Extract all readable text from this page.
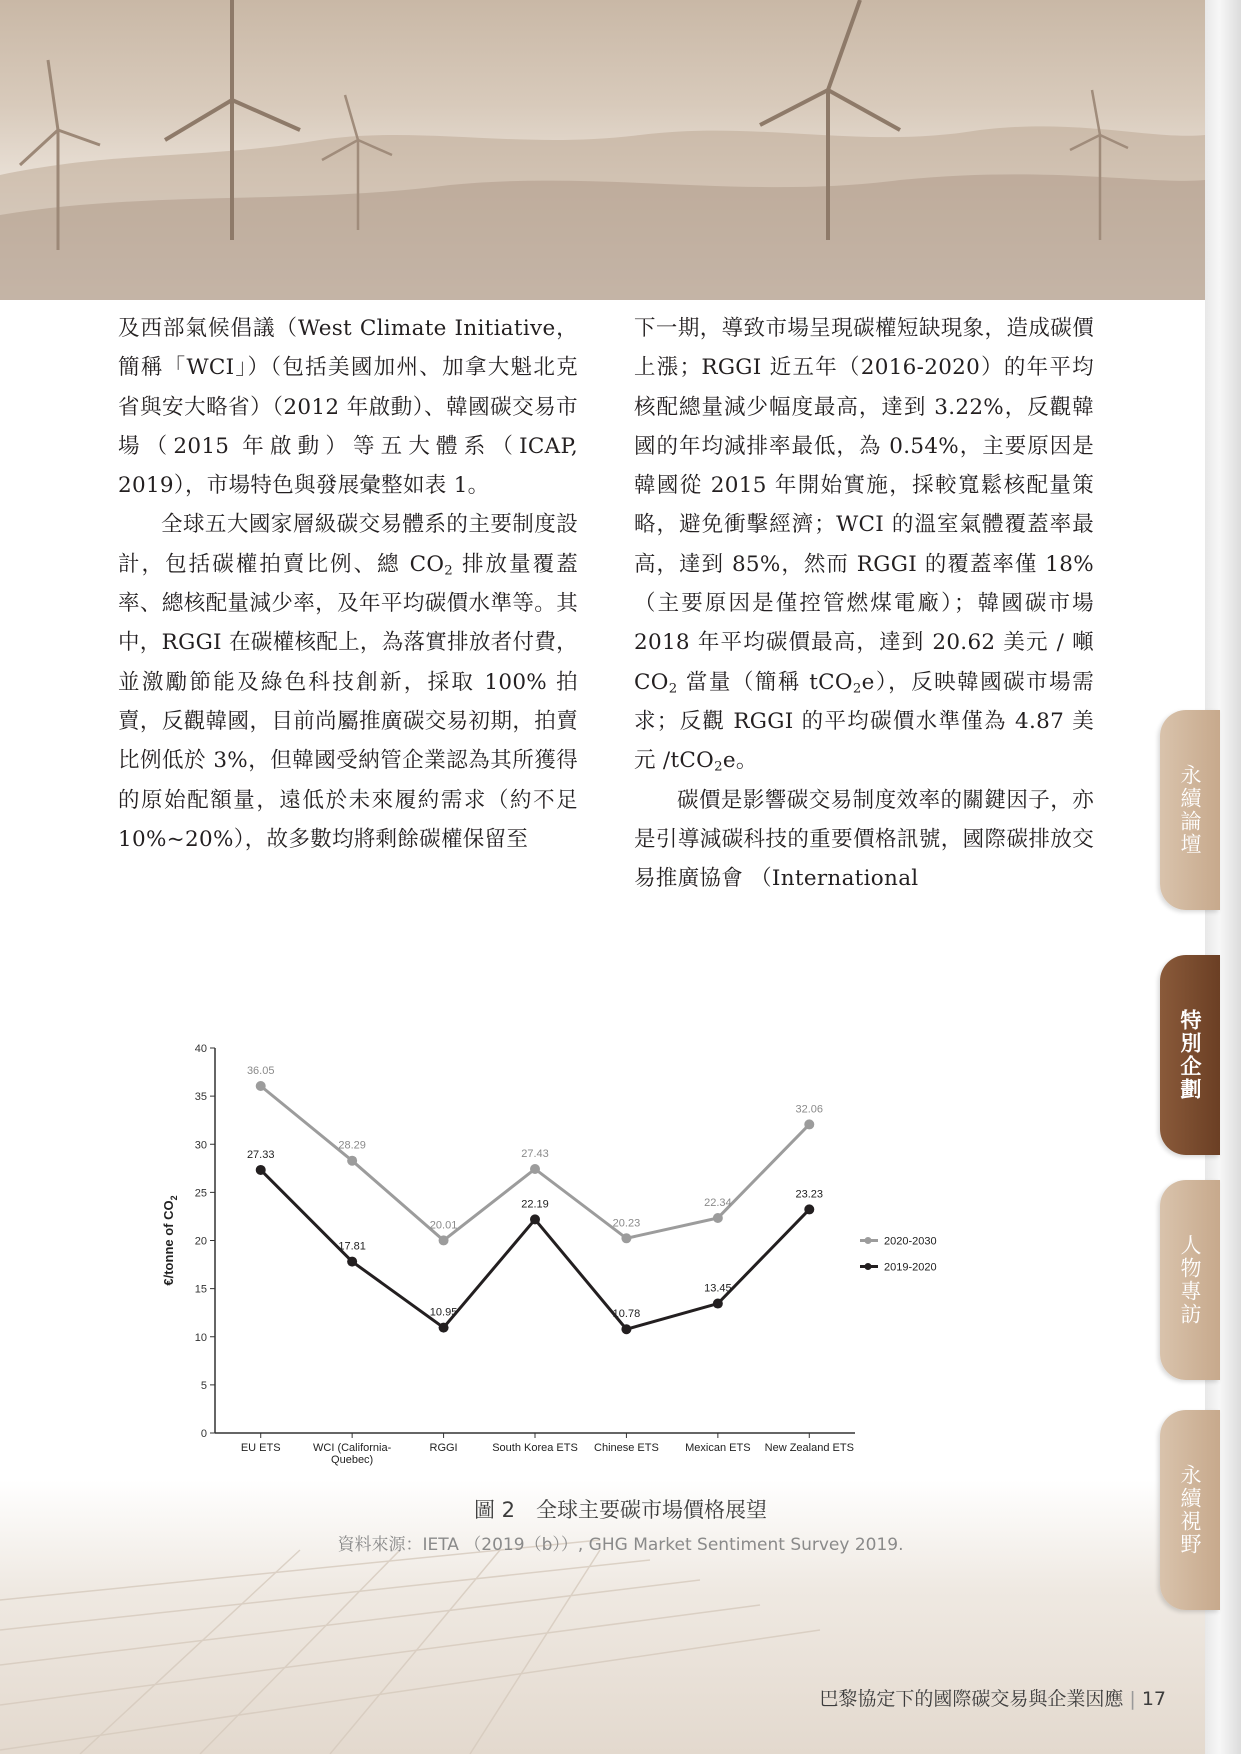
及西部氣候倡議（West Climate Initiative，簡稱「WCI」）（包括美國加州、加拿大魁北克省與安大略省）（2012 年啟動）、韓國碳交易市場（2015 年啟動）等五大體系（ICAP, 2019），市場特色與發展彙整如表 1。

全球五大國家層級碳交易體系的主要制度設計，包括碳權拍賣比例、總 $CO_2$ 排放量覆蓋率、總核配量減少率，及年平均碳價水準等。其中，RGGI 在碳權核配上，為落實排放者付費，並激勵節能及綠色科技創新，採取 100% 拍賣，反觀韓國，目前尚屬推廣碳交易初期，拍賣比例低於 3%，但韓國受納管企業認為其所獲得的原始配額量，遠低於未來履約需求（約不足 10%~20%），故多數均將剩餘碳權保留至

下一期，導致市場呈現碳權短缺現象，造成碳價上漲；RGGI 近五年（2016-2020）的年平均核配總量減少幅度最高，達到 3.22%，反觀韓國的年均減排率最低，為 0.54%，主要原因是韓國從 2015 年開始實施，採較寬鬆核配量策略，避免衝擊經濟；WCI 的溫室氣體覆蓋率最高，達到 85%，然而 RGGI 的覆蓋率僅 18%（主要原因是僅控管燃煤電廠）；韓國碳市場 2018 年平均碳價最高，達到 20.62 美元 / 噸 $CO_2$ 當量（簡稱 tCO$_2$e），反映韓國碳市場需求；反觀 RGGI 的平均碳價水準僅為 4.87 美元 /tCO$_2$e。

碳價是影響碳交易制度效率的關鍵因子，亦是引導減碳科技的重要價格訊號，國際碳排放交易推廣協會 （International

永續論壇
特別企劃
人物專訪
永續視野
0
5
10
15
20
25
30
35
40
EU ETS	WCI (California-
Quebec)
RGGI	South Korea ETS Chinese ETS Mexican ETS New Zealand ETS
€/tonne of $CO_2$
36.05
28.29
20.01
27.43
20.23
22.34
32.06
27.33
17.81
10.95
22.19
10.78
13.45
23.23
2020-2030
2019-2020
圖 2　全球主要碳市場價格展望
資料來源：IETA （2019（b））, GHG Market Sentiment Survey 2019.
巴黎協定下的國際碳交易與企業因應 | 17
